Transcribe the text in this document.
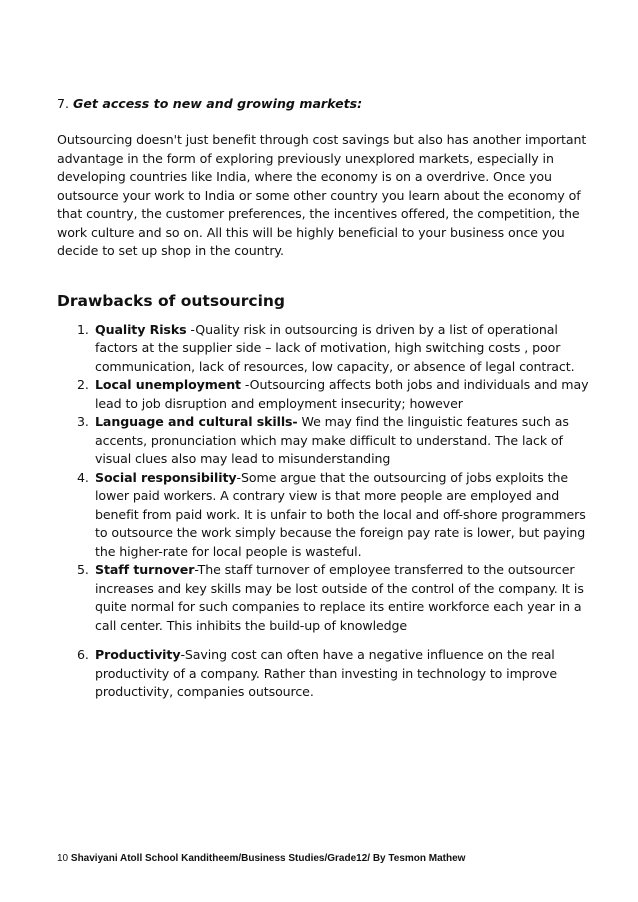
7. Get access to new and growing markets:

Outsourcing doesn't just benefit through cost savings but also has another important advantage in the form of exploring previously unexplored markets, especially in developing countries like India, where the economy is on a overdrive. Once you outsource your work to India or some other country you learn about the economy of that country, the customer preferences, the incentives offered, the competition, the work culture and so on. All this will be highly beneficial to your business once you decide to set up shop in the country.

Drawbacks of outsourcing
1. Quality Risks -Quality risk in outsourcing is driven by a list of operational factors at the supplier side – lack of motivation, high switching costs , poor communication, lack of resources, low capacity, or absence of legal contract.
2. Local unemployment -Outsourcing affects both jobs and individuals and may lead to job disruption and employment insecurity; however
3. Language and cultural skills- We may find the linguistic features such as accents, pronunciation which may make difficult to understand. The lack of visual clues also may lead to misunderstanding
4. Social responsibility-Some argue that the outsourcing of jobs exploits the lower paid workers. A contrary view is that more people are employed and benefit from paid work. It is unfair to both the local and off-shore programmers to outsource the work simply because the foreign pay rate is lower, but paying the higher-rate for local people is wasteful.
5. Staff turnover-The staff turnover of employee transferred to the outsourcer increases and key skills may be lost outside of the control of the company. It is quite normal for such companies to replace its entire workforce each year in a call center. This inhibits the build-up of knowledge
6. Productivity-Saving cost can often have a negative influence on the real productivity of a company. Rather than investing in technology to improve productivity, companies outsource.
10 Shaviyani Atoll School Kanditheem/Business Studies/Grade12/ By Tesmon Mathew
